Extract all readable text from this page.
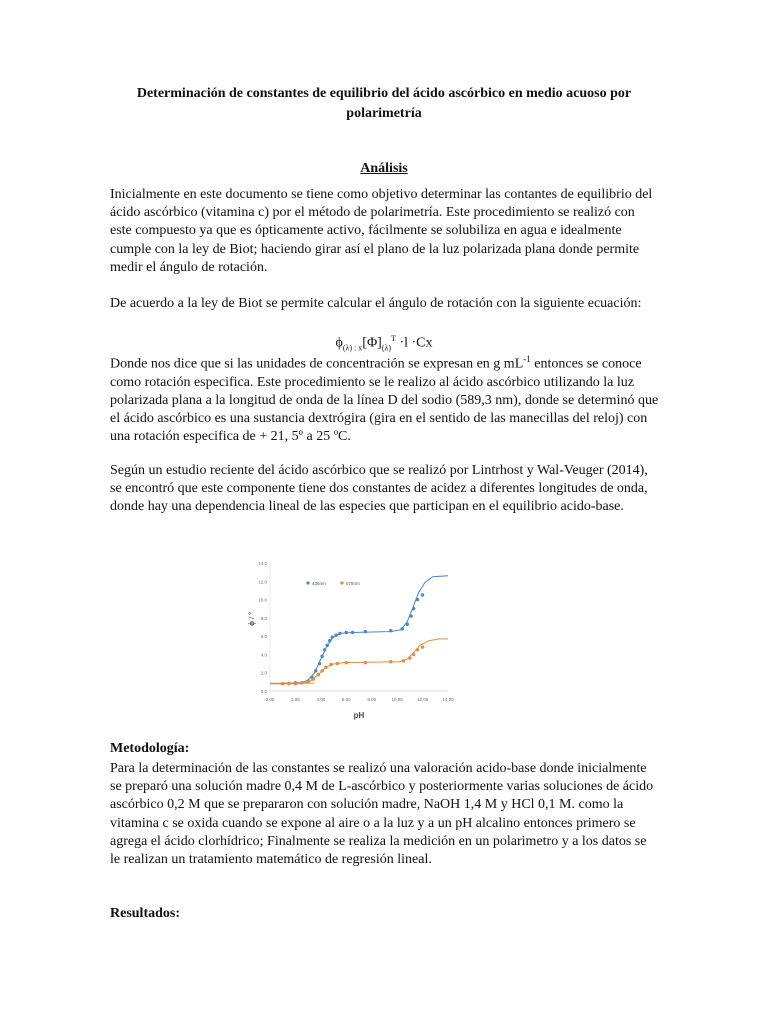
Determinación de constantes de equilibrio del ácido ascórbico en medio acuoso por polarimetría
Análisis

Inicialmente en este documento se tiene como objetivo determinar las contantes de equilibrio del ácido ascórbico (vitamina c) por el método de polarimetría. Este procedimiento se realizó con este compuesto ya que es ópticamente activo, fácilmente se solubiliza en agua e idealmente cumple con la ley de Biot; haciendo girar así el plano de la luz polarizada plana donde permite medir el ángulo de rotación.

De acuerdo a la ley de Biot se permite calcular el ángulo de rotación con la siguiente ecuación:

$\phi_{(\lambda) : x}[\Phi]_{(\lambda)}^T \cdot l \cdot Cx$

Donde nos dice que si las unidades de concentración se expresan en g $mL^{-1}$ entonces se conoce como rotación especifica. Este procedimiento se le realizo al ácido ascórbico utilizando la luz polarizada plana a la longitud de onda de la línea D del sodio (589,3 nm), donde se determinó que el ácido ascórbico es una sustancia dextrógira (gira en el sentido de las manecillas del reloj) con una rotación especifica de + 21, 5º a 25 ºC.

Según un estudio reciente del ácido ascórbico que se realizó por Lintrhost y Wal-Veuger (2014), se encontró que este componente tiene dos constantes de acidez a diferentes longitudes de onda, donde hay una dependencia lineal de las especies que participan en el equilibrio acido-base.

0.0
2.0
4.0
6.0
8.0
10.0
12.0
14.0
0.00	2.00	4.00	6.00	8.00	10.00	12.00	14.00
pH
ϕ / º
436nm	578nm
Metodología:

Para la determinación de las constantes se realizó una valoración acido-base donde inicialmente se preparó una solución madre 0,4 M de L-ascórbico y posteriormente varias soluciones de ácido ascórbico 0,2 M que se prepararon con solución madre, NaOH 1,4 M y HCl 0,1 M. como la vitamina c se oxida cuando se expone al aire o a la luz y a un pH alcalino entonces primero se agrega el ácido clorhídrico; Finalmente se realiza la medición en un polarimetro y a los datos se le realizan un tratamiento matemático de regresión lineal.

Resultados:
